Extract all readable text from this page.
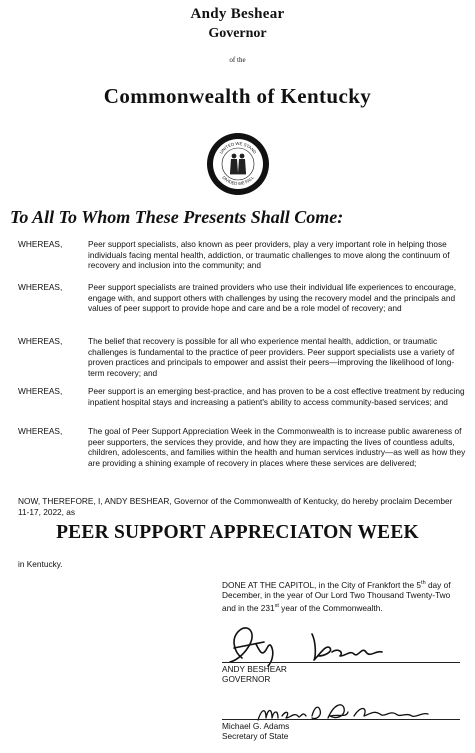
Andy Beshear
Governor
of the
Commonwealth of Kentucky
UNITED WE STAND
DIVIDED WE FALL
To All To Whom These Presents Shall Come:
WHEREAS,	Peer support specialists, also known as peer providers, play a very important role in helping those individuals facing mental health, addiction, or traumatic challenges to move along the continuum of recovery and inclusion into the community; and
WHEREAS,	Peer support specialists are trained providers who use their individual life experiences to encourage, engage with, and support others with challenges by using the recovery model and the principals and values of peer support to provide hope and care and be a role model of recovery; and
WHEREAS,	The belief that recovery is possible for all who experience mental health, addiction, or traumatic challenges is fundamental to the practice of peer providers. Peer support specialists use a variety of proven practices and principals to empower and assist their peers—improving the likelihood of long-term recovery; and
WHEREAS,	Peer support is an emerging best-practice, and has proven to be a cost effective treatment by reducing inpatient hospital stays and increasing a patient's ability to access community-based services; and
WHEREAS,	The goal of Peer Support Appreciation Week in the Commonwealth is to increase public awareness of peer supporters, the services they provide, and how they are impacting the lives of countless adults, children, adolescents, and families within the health and human services industry—as well as how they are providing a shining example of recovery in places where these services are delivered;
NOW, THEREFORE, I, ANDY BESHEAR, Governor of the Commonwealth of Kentucky, do hereby proclaim December 11-17, 2022, as
PEER SUPPORT APPRECIATON WEEK
in Kentucky.
DONE AT THE CAPITOL, in the City of Frankfort the 5th day of December, in the year of Our Lord Two Thousand Twenty-Two and in the 231st year of the Commonwealth.
ANDY BESHEAR
GOVERNOR
Michael G. Adams
Secretary of State
